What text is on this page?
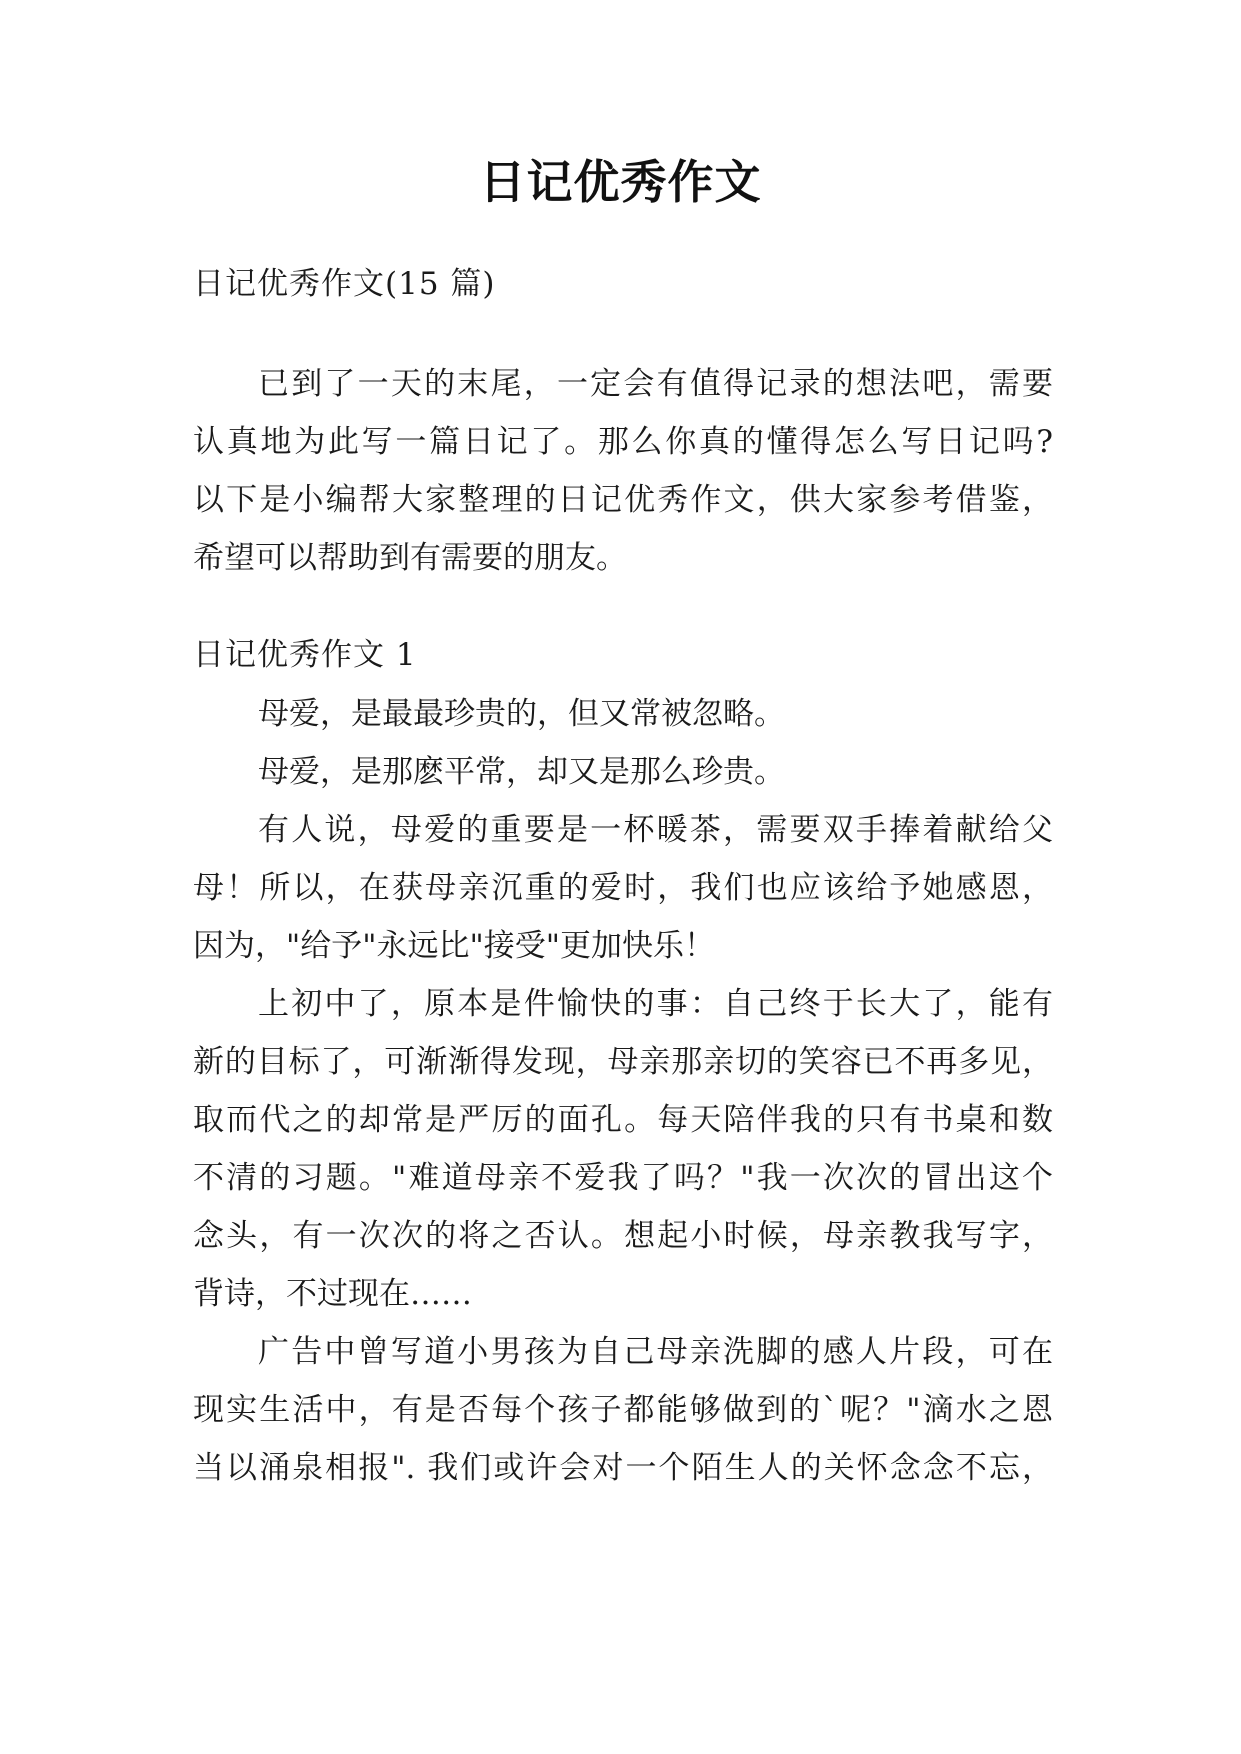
日记优秀作文
日记优秀作文(15 篇)
已到了一天的末尾，一定会有值得记录的想法吧，需要
认真地为此写一篇日记了。那么你真的懂得怎么写日记吗?
以下是小编帮大家整理的日记优秀作文，供大家参考借鉴，
希望可以帮助到有需要的朋友。
日记优秀作文 1
母爱，是最最珍贵的，但又常被忽略。
母爱，是那麽平常，却又是那么珍贵。
有人说，母爱的重要是一杯暖茶，需要双手捧着献给父
母！所以，在获母亲沉重的爱时，我们也应该给予她感恩，
因为，"给予"永远比"接受"更加快乐！
上初中了，原本是件愉快的事：自己终于长大了，能有
新的目标了，可渐渐得发现，母亲那亲切的笑容已不再多见，
取而代之的却常是严厉的面孔。每天陪伴我的只有书桌和数
不清的习题。"难道母亲不爱我了吗？"我一次次的冒出这个
念头，有一次次的将之否认。想起小时候，母亲教我写字，
背诗，不过现在……
广告中曾写道小男孩为自己母亲洗脚的感人片段，可在
现实生活中，有是否每个孩子都能够做到的`呢？"滴水之恩
当以涌泉相报". 我们或许会对一个陌生人的关怀念念不忘，
